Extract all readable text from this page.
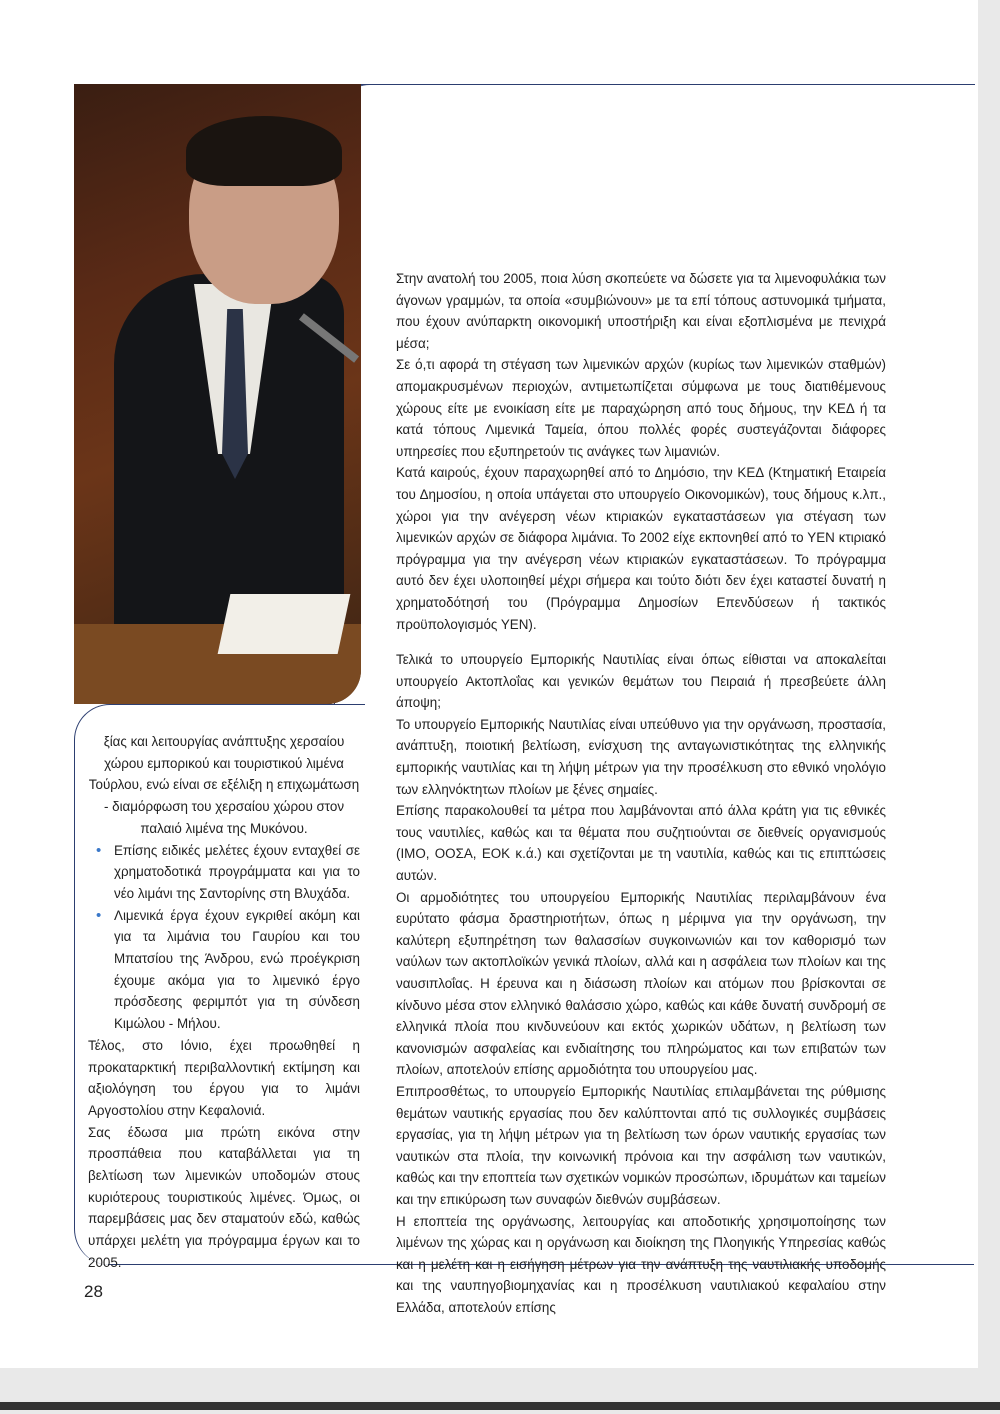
ξίας και λειτουργίας ανάπτυξης χερσαίου χώρου εμπορικού και τουριστικού λιμένα Τούρλου, ενώ είναι σε εξέλιξη η επιχωμάτωση - διαμόρφωση του χερσαίου χώρου στον παλαιό λιμένα της Μυκόνου.

• Επίσης ειδικές μελέτες έχουν ενταχθεί σε χρηματοδοτικά προγράμματα και για το νέο λιμάνι της Σαντορίνης στη Βλυχάδα.
• Λιμενικά έργα έχουν εγκριθεί ακόμη και για τα λιμάνια του Γαυρίου και του Μπατσίου της Άνδρου, ενώ προέγκριση έχουμε ακόμα για το λιμενικό έργο πρόσδεσης φεριμπότ για τη σύνδεση Κιμώλου - Μήλου.

Τέλος, στο Ιόνιο, έχει προωθηθεί η προκαταρκτική περιβαλλοντική εκτίμηση και αξιολόγηση του έργου για το λιμάνι Αργοστολίου στην Κεφαλονιά.

Σας έδωσα μια πρώτη εικόνα στην προσπάθεια που καταβάλλεται για τη βελτίωση των λιμενικών υποδομών στους κυριότερους τουριστικούς λιμένες. Όμως, οι παρεμβάσεις μας δεν σταματούν εδώ, καθώς υπάρχει μελέτη για πρόγραμμα έργων και το 2005.

Στην ανατολή του 2005, ποια λύση σκοπεύετε να δώσετε για τα λιμενοφυλάκια των άγονων γραμμών, τα οποία «συμβιώνουν» με τα επί τόπους αστυνομικά τμήματα, που έχουν ανύπαρκτη οικονομική υποστήριξη και είναι εξοπλισμένα με πενιχρά μέσα;

Σε ό,τι αφορά τη στέγαση των λιμενικών αρχών (κυρίως των λιμενικών σταθμών) απομακρυσμένων περιοχών, αντιμετωπίζεται σύμφωνα με τους διατιθέμενους χώρους είτε με ενοικίαση είτε με παραχώρηση από τους δήμους, την ΚΕΔ ή τα κατά τόπους Λιμενικά Ταμεία, όπου πολλές φορές συστεγάζονται διάφορες υπηρεσίες που εξυπηρετούν τις ανάγκες των λιμανιών.

Κατά καιρούς, έχουν παραχωρηθεί από το Δημόσιο, την ΚΕΔ (Κτηματική Εταιρεία του Δημοσίου, η οποία υπάγεται στο υπουργείο Οικονομικών), τους δήμους κ.λπ., χώροι για την ανέγερση νέων κτιριακών εγκαταστάσεων για στέγαση των λιμενικών αρχών σε διάφορα λιμάνια. Το 2002 είχε εκπονηθεί από το ΥΕΝ κτιριακό πρόγραμμα για την ανέγερση νέων κτιριακών εγκαταστάσεων. Το πρόγραμμα αυτό δεν έχει υλοποιηθεί μέχρι σήμερα και τούτο διότι δεν έχει καταστεί δυνατή η χρηματοδότησή του (Πρόγραμμα Δημοσίων Επενδύσεων ή τακτικός προϋπολογισμός ΥΕΝ).

Τελικά το υπουργείο Εμπορικής Ναυτιλίας είναι όπως είθισται να αποκαλείται υπουργείο Ακτοπλοΐας και γενικών θεμάτων του Πειραιά ή πρεσβεύετε άλλη άποψη;

Το υπουργείο Εμπορικής Ναυτιλίας είναι υπεύθυνο για την οργάνωση, προστασία, ανάπτυξη, ποιοτική βελτίωση, ενίσχυση της ανταγωνιστικότητας της ελληνικής εμπορικής ναυτιλίας και τη λήψη μέτρων για την προσέλκυση στο εθνικό νηολόγιο των ελληνόκτητων πλοίων με ξένες σημαίες.

Επίσης παρακολουθεί τα μέτρα που λαμβάνονται από άλλα κράτη για τις εθνικές τους ναυτιλίες, καθώς και τα θέματα που συζητιούνται σε διεθνείς οργανισμούς (ΙΜΟ, ΟΟΣΑ, ΕΟΚ κ.ά.) και σχετίζονται με τη ναυτιλία, καθώς και τις επιπτώσεις αυτών.

Οι αρμοδιότητες του υπουργείου Εμπορικής Ναυτιλίας περιλαμβάνουν ένα ευρύτατο φάσμα δραστηριοτήτων, όπως η μέριμνα για την οργάνωση, την καλύτερη εξυπηρέτηση των θαλασσίων συγκοινωνιών και τον καθορισμό των ναύλων των ακτοπλοϊκών γενικά πλοίων, αλλά και η ασφάλεια των πλοίων και της ναυσιπλοΐας. Η έρευνα και η διάσωση πλοίων και ατόμων που βρίσκονται σε κίνδυνο μέσα στον ελληνικό θαλάσσιο χώρο, καθώς και κάθε δυνατή συνδρομή σε ελληνικά πλοία που κινδυνεύουν και εκτός χωρικών υδάτων, η βελτίωση των κανονισμών ασφαλείας και ενδιαίτησης του πληρώματος και των επιβατών των πλοίων, αποτελούν επίσης αρμοδιότητα του υπουργείου μας.

Επιπροσθέτως, το υπουργείο Εμπορικής Ναυτιλίας επιλαμβάνεται της ρύθμισης θεμάτων ναυτικής εργασίας που δεν καλύπτονται από τις συλλογικές συμβάσεις εργασίας, για τη λήψη μέτρων για τη βελτίωση των όρων ναυτικής εργασίας των ναυτικών στα πλοία, την κοινωνική πρόνοια και την ασφάλιση των ναυτικών, καθώς και την εποπτεία των σχετικών νομικών προσώπων, ιδρυμάτων και ταμείων και την επικύρωση των συναφών διεθνών συμβάσεων.

Η εποπτεία της οργάνωσης, λειτουργίας και αποδοτικής χρησιμοποίησης των λιμένων της χώρας και η οργάνωση και διοίκηση της Πλοηγικής Υπηρεσίας καθώς και η μελέτη και η εισήγηση μέτρων για την ανάπτυξη της ναυτιλιακής υποδομής και της ναυπηγοβιομηχανίας και η προσέλκυση ναυτιλιακού κεφαλαίου στην Ελλάδα, αποτελούν επίσης

28
